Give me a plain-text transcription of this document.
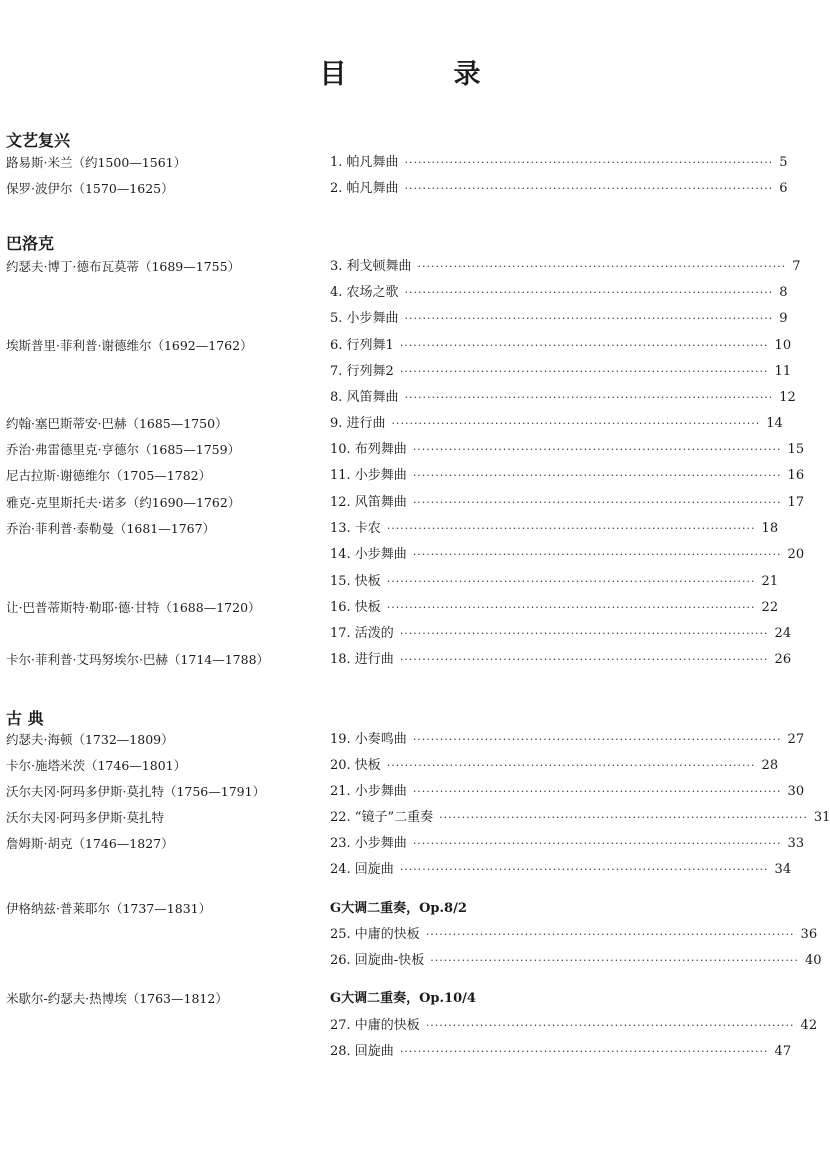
目　录
文艺复兴
巴洛克
古 典
路易斯·米兰（约1500—1561）
保罗·波伊尔（1570—1625）
约瑟夫·博丁·德布瓦莫蒂（1689—1755）
埃斯普里·菲利普·谢德维尔（1692—1762）
约翰·塞巴斯蒂安·巴赫（1685—1750）
乔治·弗雷德里克·亨德尔（1685—1759）
尼古拉斯·谢德维尔（1705—1782）
雅克-克里斯托夫·诺多（约1690—1762）
乔治·菲利普·泰勒曼（1681—1767）
让·巴普蒂斯特·勒耶·德·甘特（1688—1720）
卡尔·菲利普·艾玛努埃尔·巴赫（1714—1788）
约瑟夫·海顿（1732—1809）
卡尔·施塔米茨（1746—1801）
沃尔夫冈·阿玛多伊斯·莫扎特（1756—1791）
沃尔夫冈·阿玛多伊斯·莫扎特
詹姆斯·胡克（1746—1827）
伊格纳兹·普莱耶尔（1737—1831）
米歇尔-约瑟夫·热博埃（1763—1812）
G大调二重奏，Op.8/2
G大调二重奏，Op.10/4
1. 帕凡舞曲 ·················································································· 5
2. 帕凡舞曲 ·················································································· 6
3. 利戈顿舞曲 ·················································································· 7
4. 农场之歌 ·················································································· 8
5. 小步舞曲 ·················································································· 9
6. 行列舞1 ·················································································· 10
7. 行列舞2 ·················································································· 11
8. 风笛舞曲 ·················································································· 12
9. 进行曲 ·················································································· 14
10. 布列舞曲 ·················································································· 15
11. 小步舞曲 ·················································································· 16
12. 风笛舞曲 ·················································································· 17
13. 卡农 ·················································································· 18
14. 小步舞曲 ·················································································· 20
15. 快板 ·················································································· 21
16. 快板 ·················································································· 22
17. 活泼的 ·················································································· 24
18. 进行曲 ·················································································· 26
19. 小奏鸣曲 ·················································································· 27
20. 快板 ·················································································· 28
21. 小步舞曲 ·················································································· 30
22. “镜子”二重奏 ·················································································· 31
23. 小步舞曲 ·················································································· 33
24. 回旋曲 ·················································································· 34
25. 中庸的快板 ·················································································· 36
26. 回旋曲-快板 ·················································································· 40
27. 中庸的快板 ·················································································· 42
28. 回旋曲 ·················································································· 47
